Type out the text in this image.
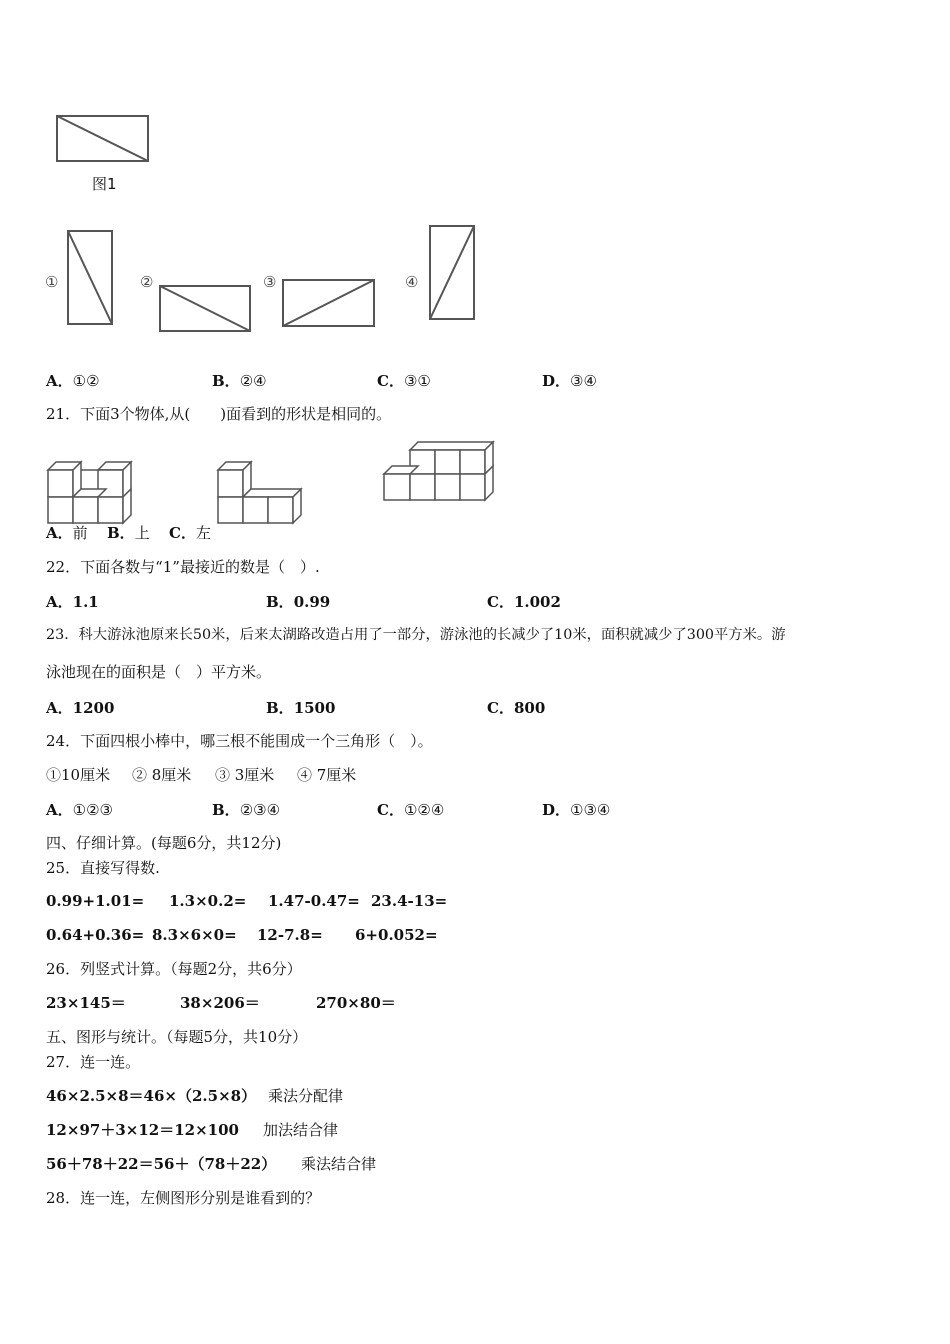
图1
①	②	③	④
A．①②	B．②④	C．③①	D．③④
21．下面3个物体,从(　　)面看到的形状是相同的。
A．前 B．上 C．左
22．下面各数与“1”最接近的数是（　）.
A．1.1	B．0.99	C．1.002
23．科大游泳池原来长50米，后来太湖路改造占用了一部分，游泳池的长减少了10米，面积就减少了300平方米。游
泳池现在的面积是（　）平方米。
A．1200	B．1500	C．800
24．下面四根小棒中，哪三根不能围成一个三角形（　）。
①10厘米 ② 8厘米 ③ 3厘米 ④ 7厘米
A．①②③	B．②③④	C．①②④	D．①③④
四、仔细计算。(每题6分，共12分)
25．直接写得数.
0.99+1.01= 1.3×0.2= 1.47-0.47= 23.4-13=
0.64+0.36= 8.3×6×0= 12-7.8= 6+0.052=
26．列竖式计算。（每题2分，共6分）
23×145＝	38×206＝	270×80＝
五、图形与统计。（每题5分，共10分）
27．连一连。
46×2.5×8＝46×（2.5×8） 乘法分配律
12×97＋3×12＝12×100 加法结合律
56＋78＋22＝56＋（78＋22） 乘法结合律
28．连一连，左侧图形分别是谁看到的？
